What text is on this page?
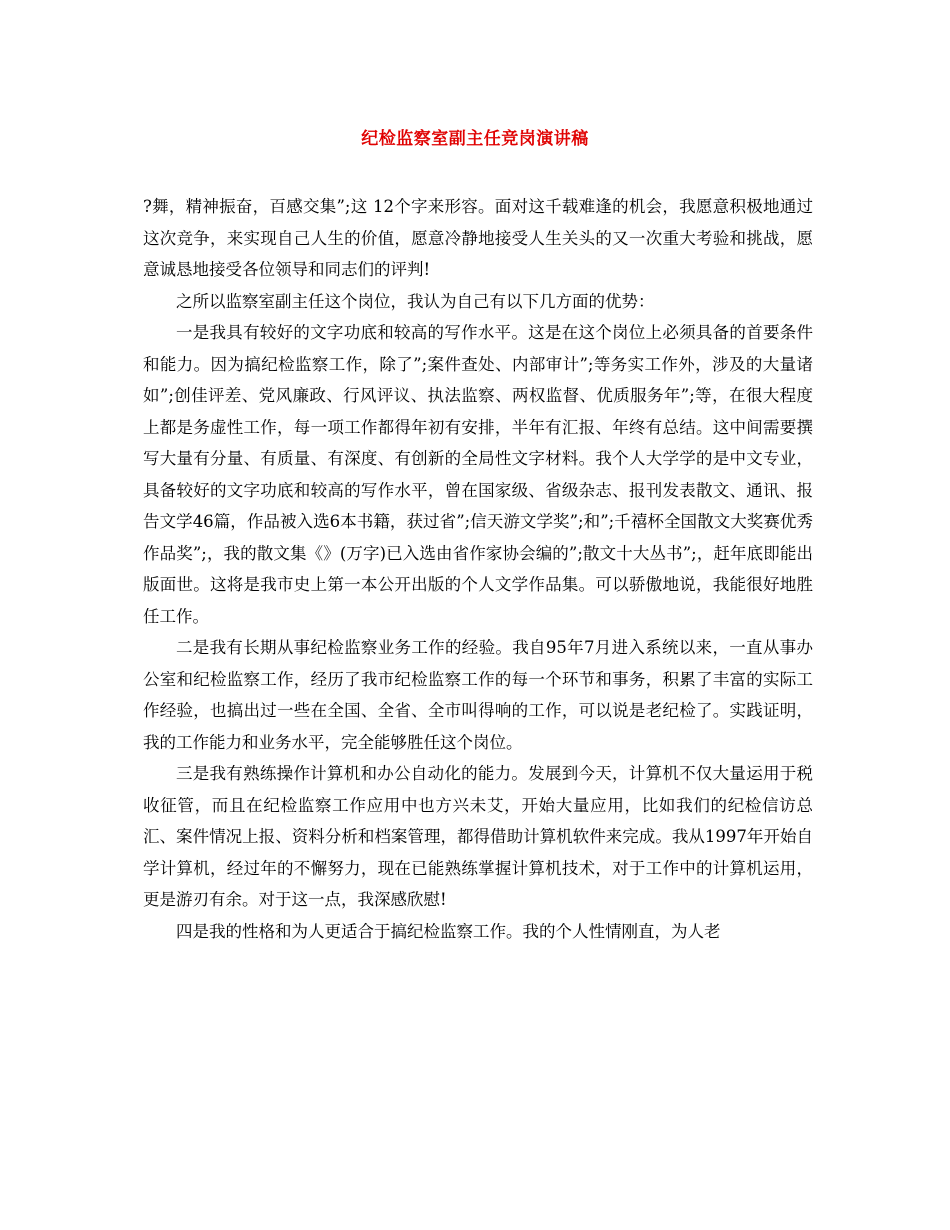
纪检监察室副主任竞岗演讲稿

?舞，精神振奋，百感交集”;这 12个字来形容。面对这千载难逢的机会，我愿意积极地通过这次竞争，来实现自己人生的价值，愿意冷静地接受人生关头的又一次重大考验和挑战，愿意诚恳地接受各位领导和同志们的评判!

之所以监察室副主任这个岗位，我认为自己有以下几方面的优势：

一是我具有较好的文字功底和较高的写作水平。这是在这个岗位上必须具备的首要条件和能力。因为搞纪检监察工作，除了”;案件查处、内部审计”;等务实工作外，涉及的大量诸如”;创佳评差、党风廉政、行风评议、执法监察、两权监督、优质服务年”;等，在很大程度上都是务虚性工作，每一项工作都得年初有安排，半年有汇报、年终有总结。这中间需要撰写大量有分量、有质量、有深度、有创新的全局性文字材料。我个人大学学的是中文专业，具备较好的文字功底和较高的写作水平，曾在国家级、省级杂志、报刊发表散文、通讯、报告文学46篇，作品被入选6本书籍，获过省”;信天游文学奖”;和”;千禧杯全国散文大奖赛优秀作品奖”;，我的散文集《》(万字)已入选由省作家协会编的”;散文十大丛书”;，赶年底即能出版面世。这将是我市史上第一本公开出版的个人文学作品集。可以骄傲地说，我能很好地胜任工作。

二是我有长期从事纪检监察业务工作的经验。我自95年7月进入系统以来，一直从事办公室和纪检监察工作，经历了我市纪检监察工作的每一个环节和事务，积累了丰富的实际工作经验，也搞出过一些在全国、全省、全市叫得响的工作，可以说是老纪检了。实践证明，我的工作能力和业务水平，完全能够胜任这个岗位。

三是我有熟练操作计算机和办公自动化的能力。发展到今天，计算机不仅大量运用于税收征管，而且在纪检监察工作应用中也方兴未艾，开始大量应用，比如我们的纪检信访总汇、案件情况上报、资料分析和档案管理，都得借助计算机软件来完成。我从1997年开始自学计算机，经过年的不懈努力，现在已能熟练掌握计算机技术，对于工作中的计算机运用，更是游刃有余。对于这一点，我深感欣慰!

四是我的性格和为人更适合于搞纪检监察工作。我的个人性情刚直，为人老
